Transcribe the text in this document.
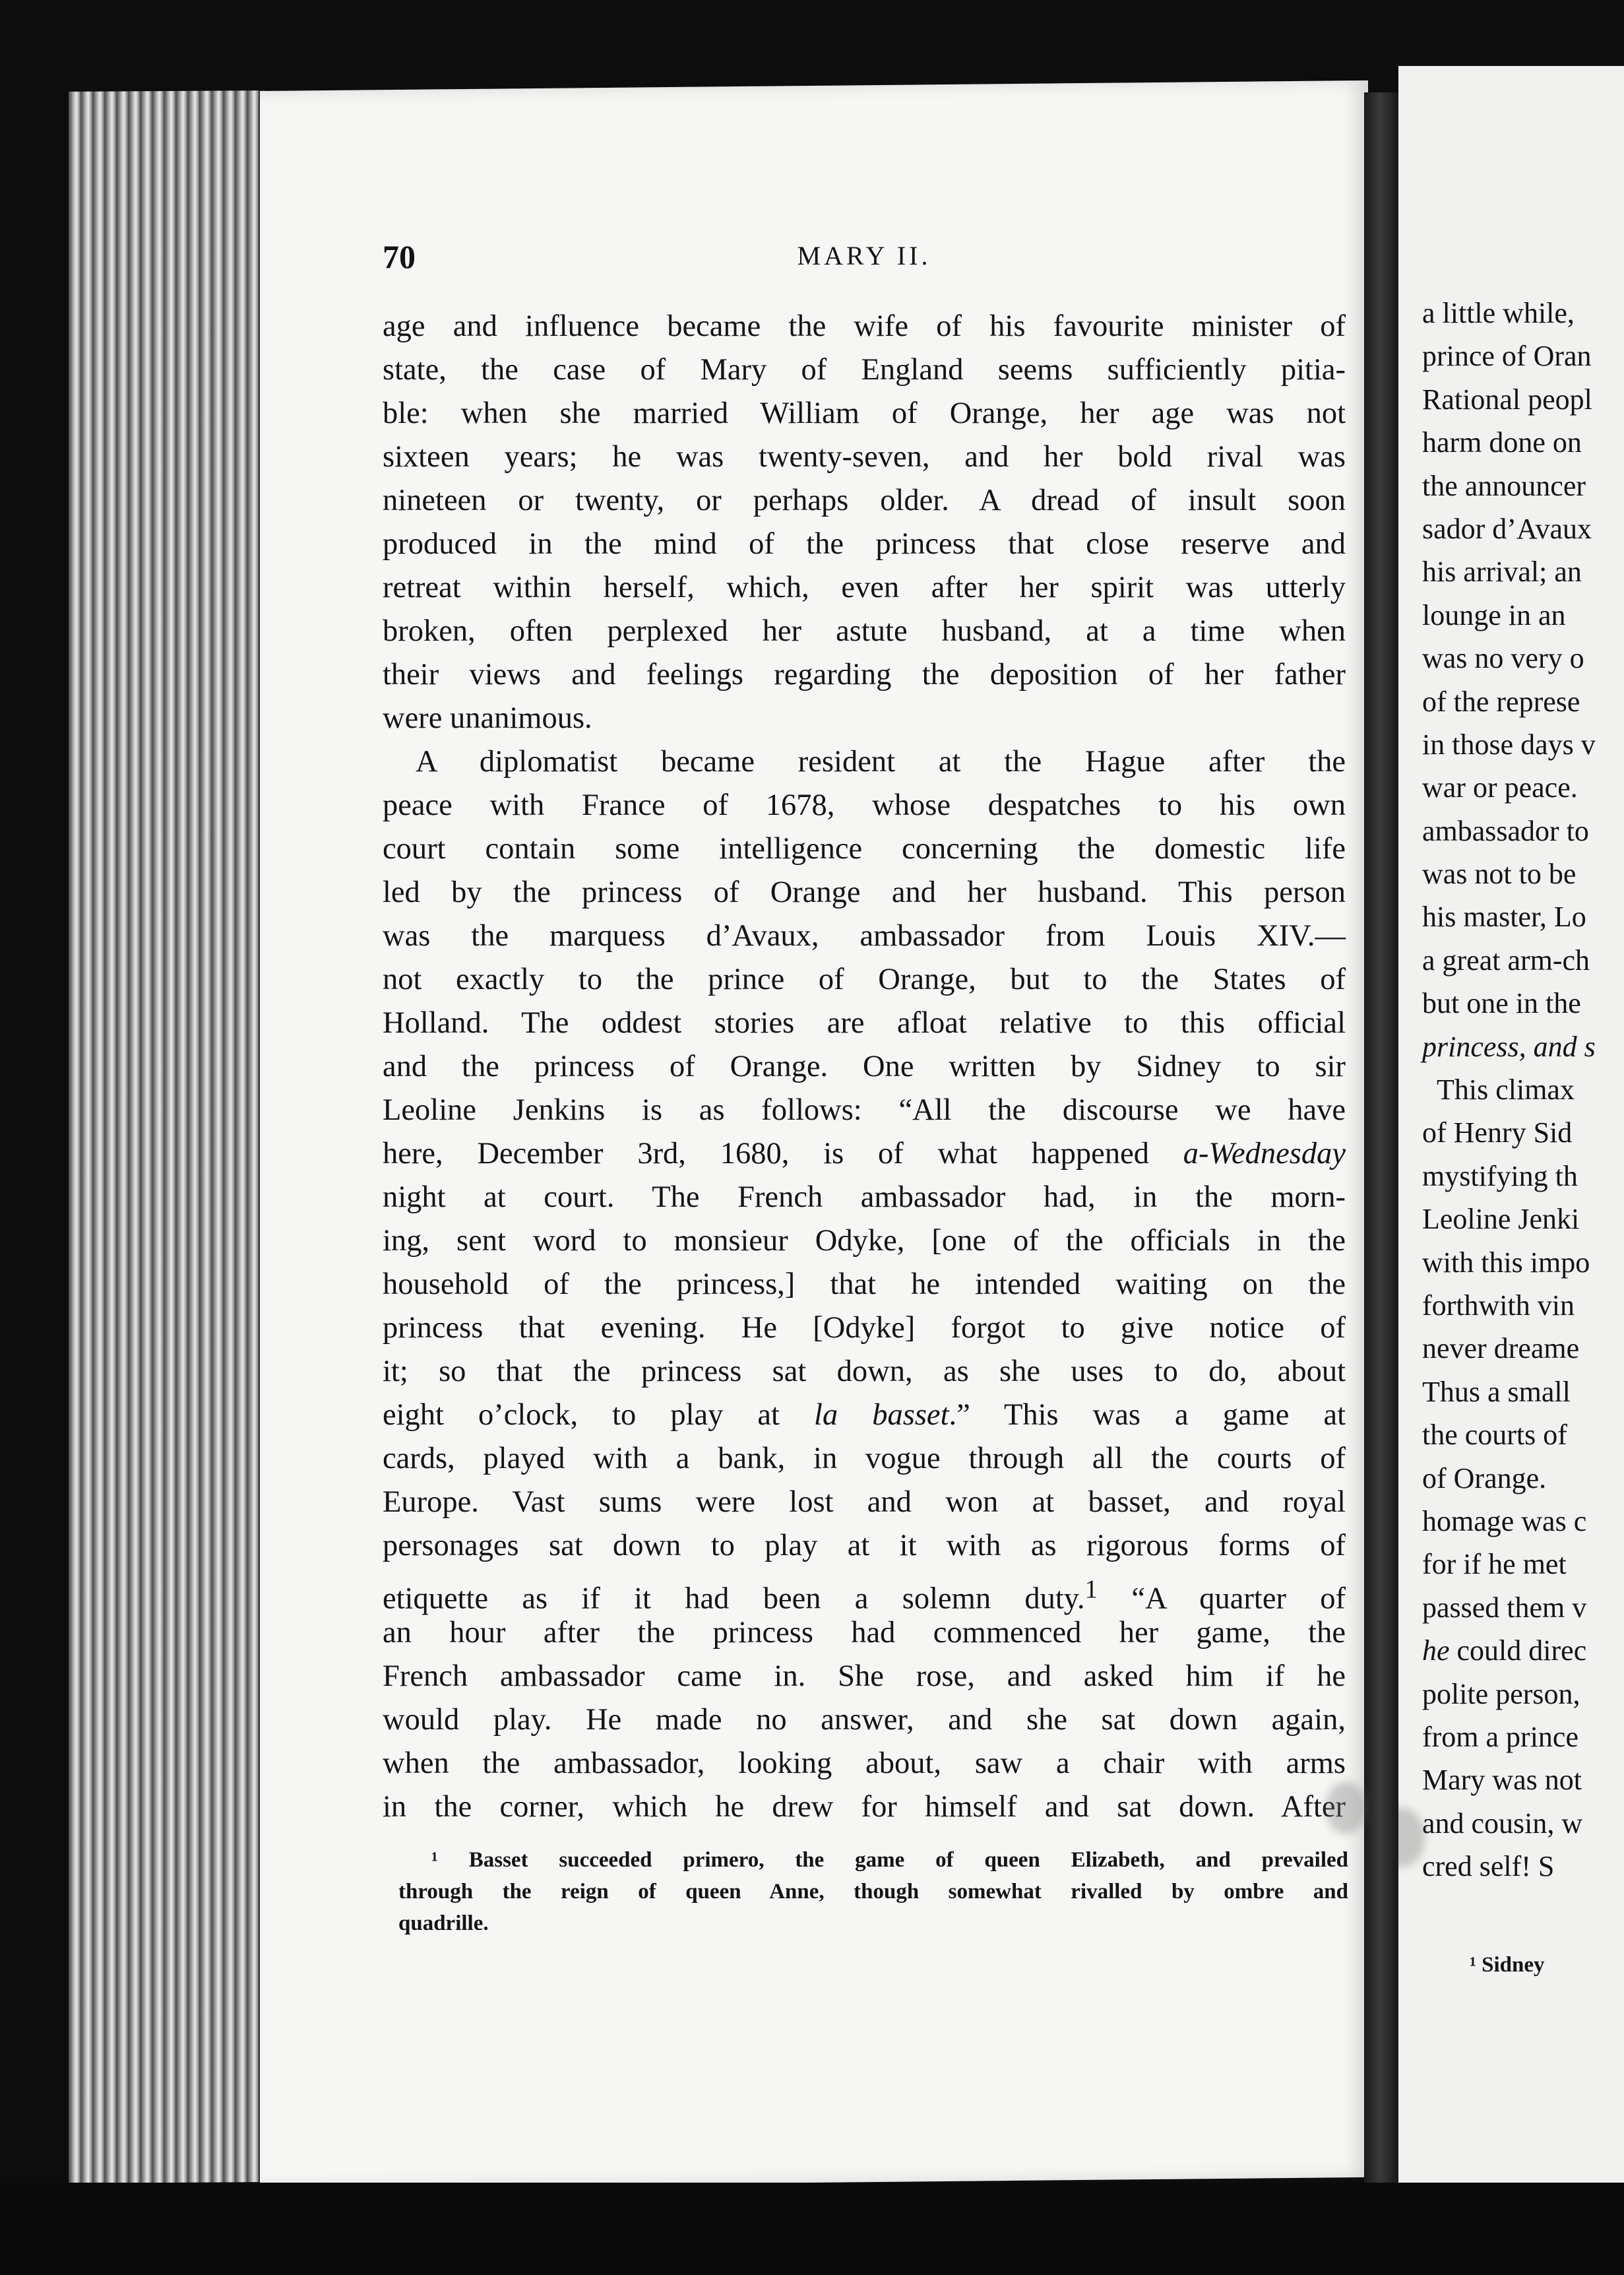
a little while,
prince of Oran
Rational peopl
harm done on
the announcer
sador d’Avaux
his arrival; an
lounge in an
was no very o
of the represe
in those days v
war or peace.
ambassador to
was not to be
his master, Lo
a great arm-ch
but one in the
princess, and s
This climax
of Henry Sid
mystifying th
Leoline Jenki
with this impo
forthwith vin
never dreame
Thus a small
the courts of
of Orange.
homage was c
for if he met
passed them v
he could direc
polite person,
from a prince
Mary was not
and cousin, w
cred self! S
¹ Sidney
70	MARY II.
age and influence became the wife of his favourite minister of
state, the case of Mary of England seems sufficiently pitia-
ble: when she married William of Orange, her age was not
sixteen years; he was twenty-seven, and her bold rival was
nineteen or twenty, or perhaps older. A dread of insult soon
produced in the mind of the princess that close reserve and
retreat within herself, which, even after her spirit was utterly
broken, often perplexed her astute husband, at a time when
their views and feelings regarding the deposition of her father
were unanimous.
A diplomatist became resident at the Hague after the
peace with France of 1678, whose despatches to his own
court contain some intelligence concerning the domestic life
led by the princess of Orange and her husband. This person
was the marquess d’Avaux, ambassador from Louis XIV.—
not exactly to the prince of Orange, but to the States of
Holland. The oddest stories are afloat relative to this official
and the princess of Orange. One written by Sidney to sir
Leoline Jenkins is as follows: “All the discourse we have
here, December 3rd, 1680, is of what happened a-Wednesday
night at court. The French ambassador had, in the morn-
ing, sent word to monsieur Odyke, [one of the officials in the
household of the princess,] that he intended waiting on the
princess that evening. He [Odyke] forgot to give notice of
it; so that the princess sat down, as she uses to do, about
eight o’clock, to play at la basset.” This was a game at
cards, played with a bank, in vogue through all the courts of
Europe. Vast sums were lost and won at basset, and royal
personages sat down to play at it with as rigorous forms of
etiquette as if it had been a solemn duty.$^1$ “A quarter of
an hour after the princess had commenced her game, the
French ambassador came in. She rose, and asked him if he
would play. He made no answer, and she sat down again,
when the ambassador, looking about, saw a chair with arms
in the corner, which he drew for himself and sat down. After
¹ Basset succeeded primero, the game of queen Elizabeth, and prevailed
through the reign of queen Anne, though somewhat rivalled by ombre and
quadrille.
